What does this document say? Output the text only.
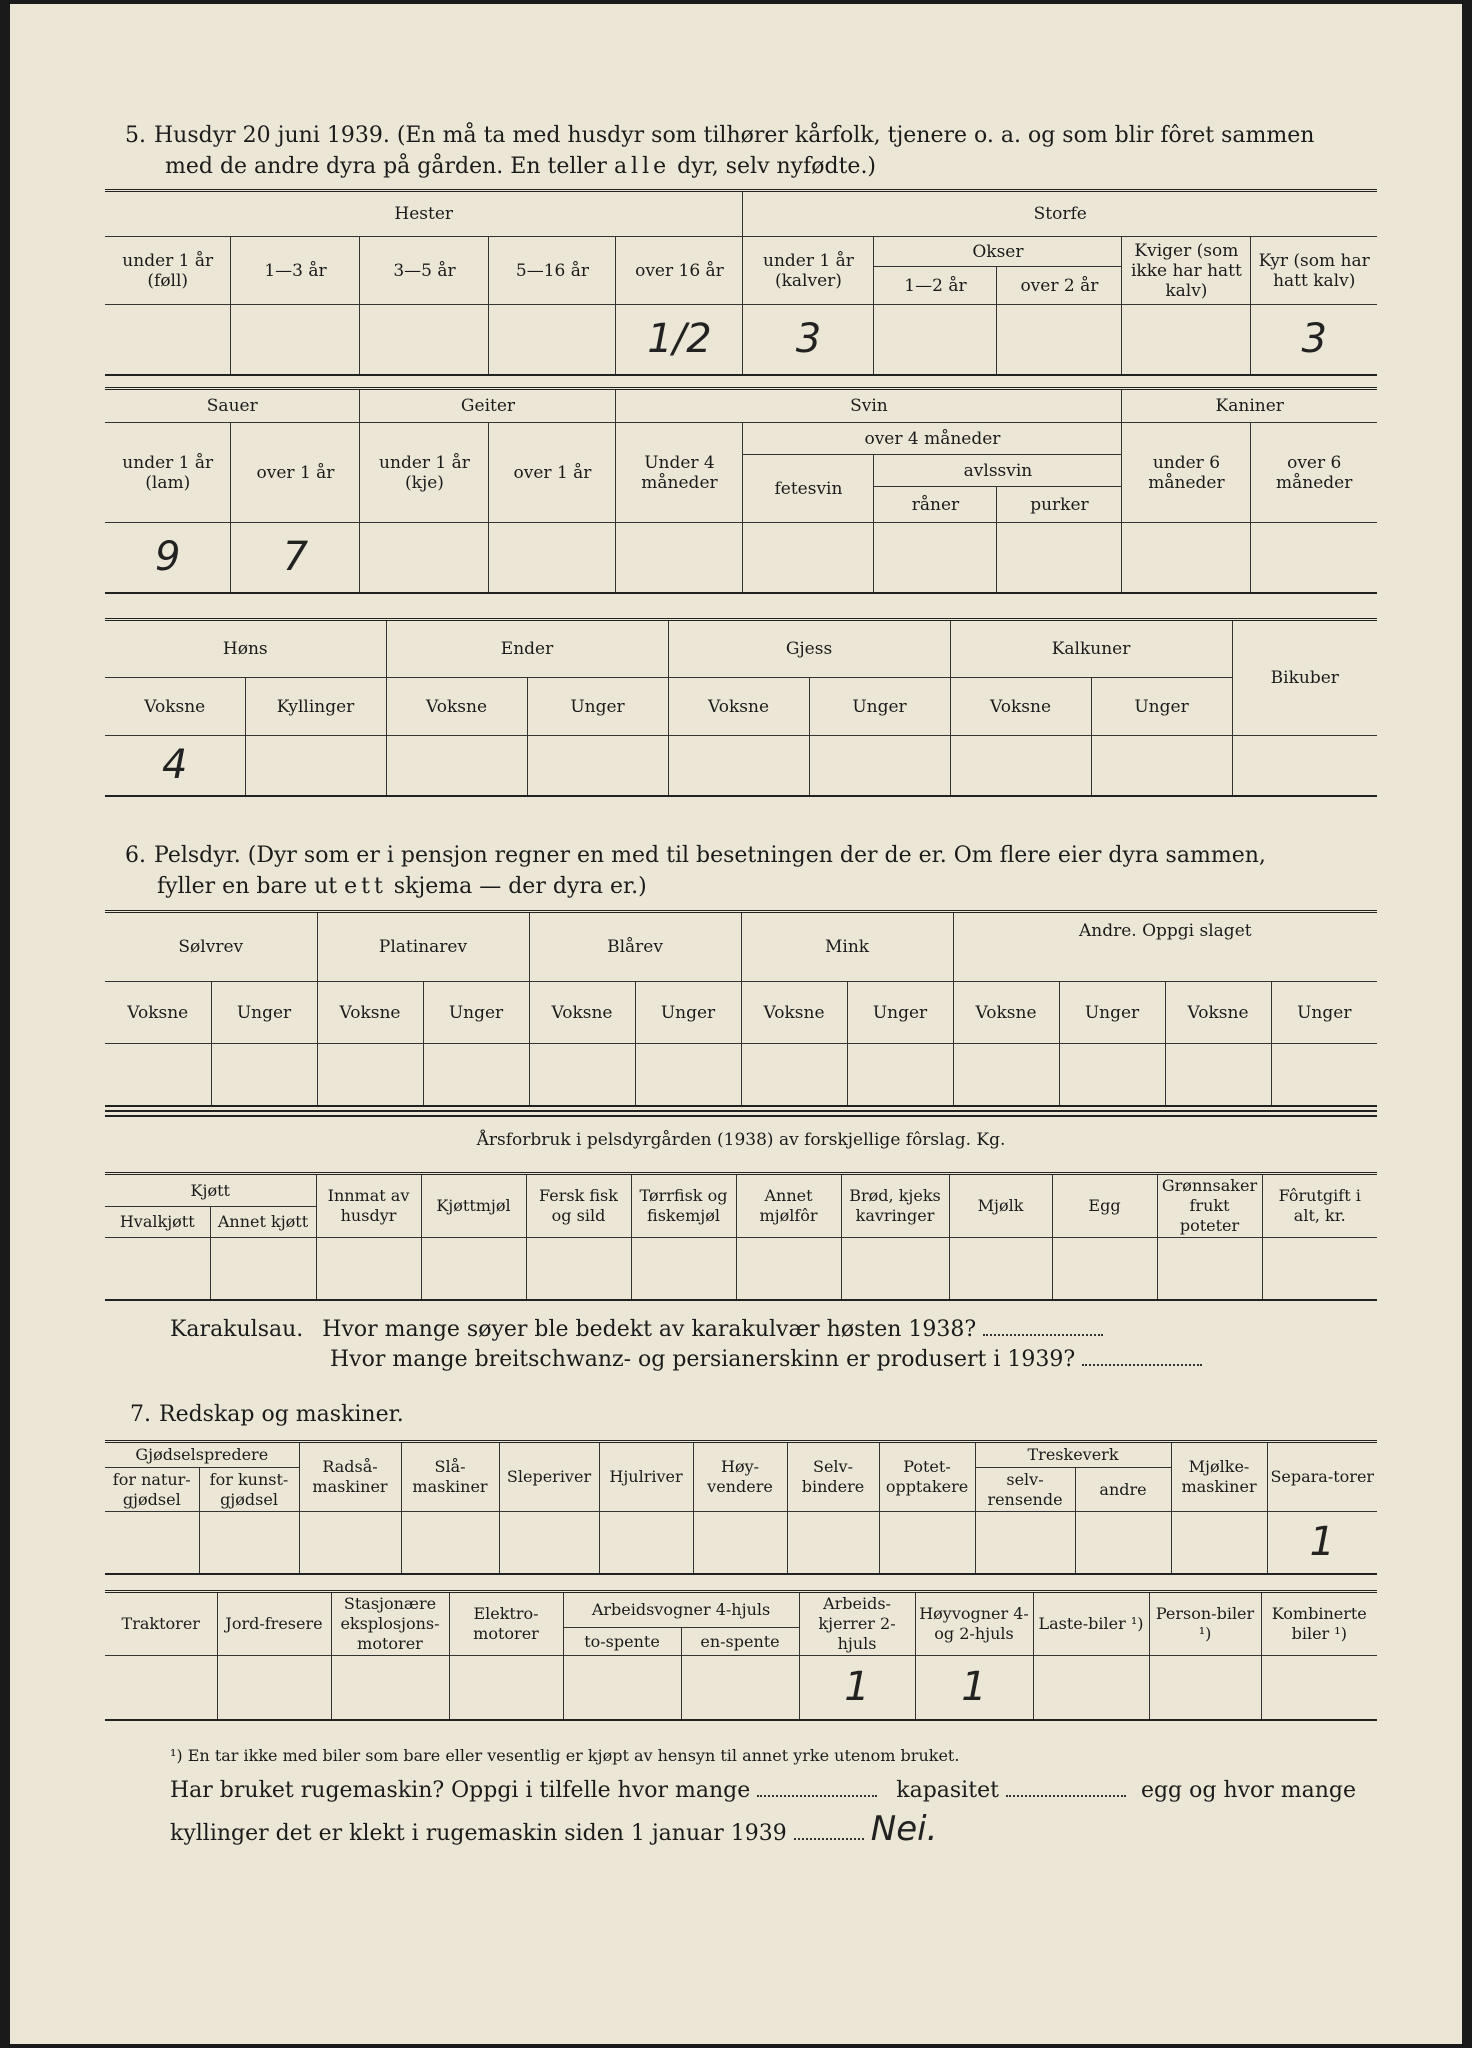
5. Husdyr 20 juni 1939. (En må ta med husdyr som tilhører kårfolk, tjenere o. a. og som blir fôret sammen
med de andre dyra på gården. En teller alle dyr, selv nyfødte.)
Hester					Storfe				
under 1 år (føll)	1—3 år	3—5 år	5—16 år	over 16 år	under 1 år (kalver)	Okser		Kviger (som ikke har hatt kalv)	Kyr (som har hatt kalv)
						1—2 år	over 2 år		
				1/2	3				3
Sauer		Geiter		Svin				Kaniner	
under 1 år (lam)	over 1 år	under 1 år (kje)	over 1 år	Under 4 måneder	over 4 måneder			under 6 måneder	over 6 måneder
					fetesvin	avlssvin			
						råner	purker		
9	7								
Høns		Ender		Gjess		Kalkuner		Bikuber
Voksne	Kyllinger	Voksne	Unger	Voksne	Unger	Voksne	Unger	
4								
6. Pelsdyr. (Dyr som er i pensjon regner en med til besetningen der de er. Om flere eier dyra sammen,
fyller en bare ut ett skjema — der dyra er.)
Sølvrev		Platinarev		Blårev		Mink		Andre. Oppgi slaget			
Voksne	Unger	Voksne	Unger	Voksne	Unger	Voksne	Unger	Voksne	Unger	Voksne	Unger

Årsforbruk i pelsdyrgården (1938) av forskjellige fôrslag. Kg.
Kjøtt		Innmat av husdyr	Kjøttmjøl	Fersk fisk og sild	Tørrfisk og fiskemjøl	Annet mjølfôr	Brød, kjeks kavringer	Mjølk	Egg	Grønnsaker frukt poteter	Fôrutgift i alt, kr.
Hvalkjøtt	Annet kjøtt										

Karakulsau. Hvor mange søyer ble bedekt av karakulvær høsten 1938?
Hvor mange breitschwanz- og persianerskinn er produsert i 1939?
7. Redskap og maskiner.
Gjødselspredere		Radså-maskiner	Slå-maskiner	Sleperiver	Hjulriver	Høy-vendere	Selv-bindere	Potet-opptakere	Treskeverk		Mjølke-maskiner	Separa-torer
for natur-gjødsel	for kunst-gjødsel								selv-rensende	andre		
												1
Traktorer	Jord-freserе	Stasjonære eksplosjons-motorer	Elektro-motorer	Arbeidsvogner 4-hjuls		Arbeids-kjerrer 2-hjuls	Høyvogner 4- og 2-hjuls	Laste-biler ¹)	Person-biler ¹)	Kombinerte biler ¹)
				to-spente	en-spente					
						1	1			
¹) En tar ikke med biler som bare eller vesentlig er kjøpt av hensyn til annet yrke utenom bruket.
Har bruket rugemaskin? Oppgi i tilfelle hvor mange	kapasitet	egg og hvor mange
kyllinger det er klekt i rugemaskin siden 1 januar 1939 Nei.
